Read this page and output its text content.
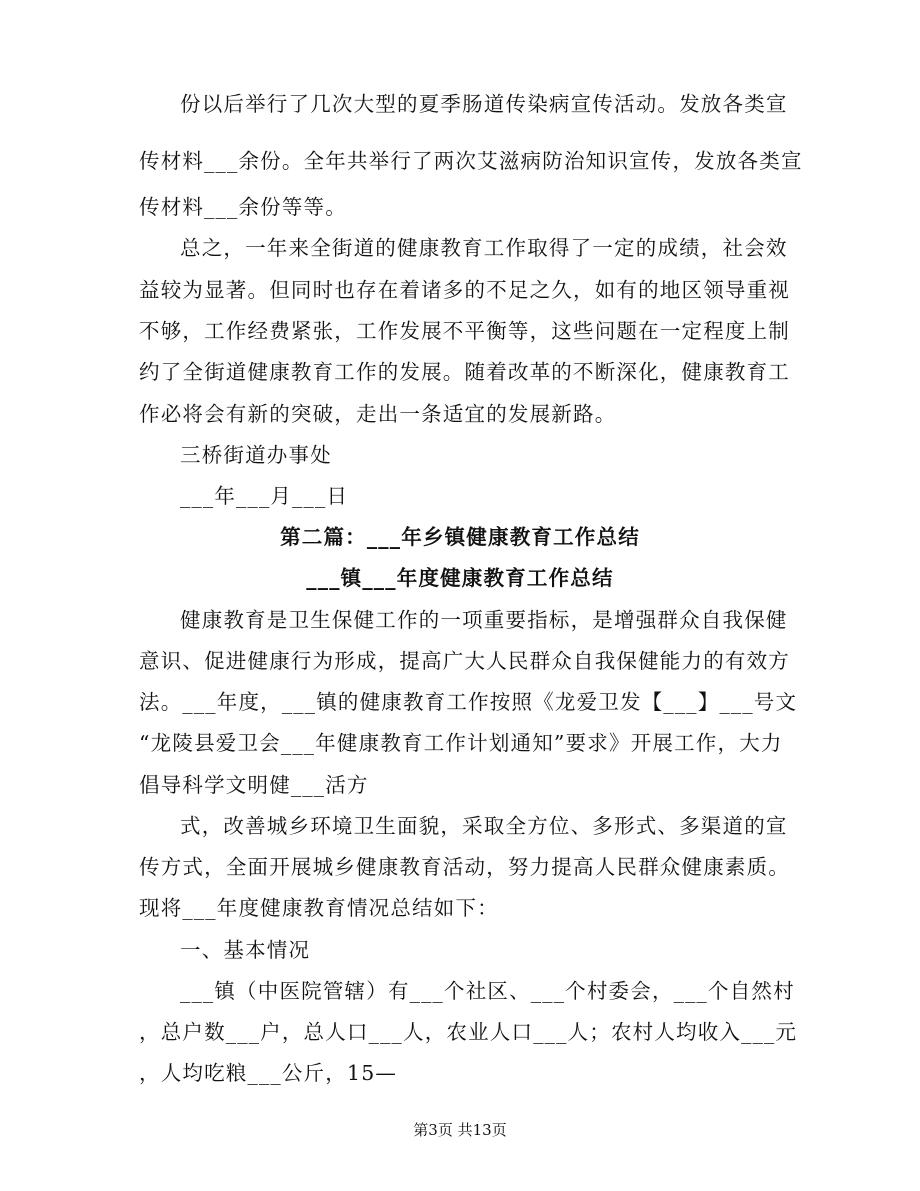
份以后举行了几次大型的夏季肠道传染病宣传活动。发放各类宣
传材料___余份。全年共举行了两次艾滋病防治知识宣传，发放各类宣
传材料___余份等等。
总之，一年来全街道的健康教育工作取得了一定的成绩，社会效
益较为显著。但同时也存在着诸多的不足之久，如有的地区领导重视
不够，工作经费紧张，工作发展不平衡等，这些问题在一定程度上制
约了全街道健康教育工作的发展。随着改革的不断深化，健康教育工
作必将会有新的突破，走出一条适宜的发展新路。
三桥街道办事处
___年___月___日
第二篇：___年乡镇健康教育工作总结
___镇___年度健康教育工作总结
健康教育是卫生保健工作的一项重要指标，是增强群众自我保健
意识、促进健康行为形成，提高广大人民群众自我保健能力的有效方
法。___年度，___镇的健康教育工作按照《龙爱卫发【___】___号文
“龙陵县爱卫会___年健康教育工作计划通知”要求》开展工作，大力
倡导科学文明健___活方
式，改善城乡环境卫生面貌，采取全方位、多形式、多渠道的宣
传方式，全面开展城乡健康教育活动，努力提高人民群众健康素质。
现将___年度健康教育情况总结如下：
一、基本情况
___镇（中医院管辖）有___个社区、___个村委会，___个自然村
，总户数___户，总人口___人，农业人口___人；农村人均收入___元
，人均吃粮___公斤，15—
第3页 共13页
